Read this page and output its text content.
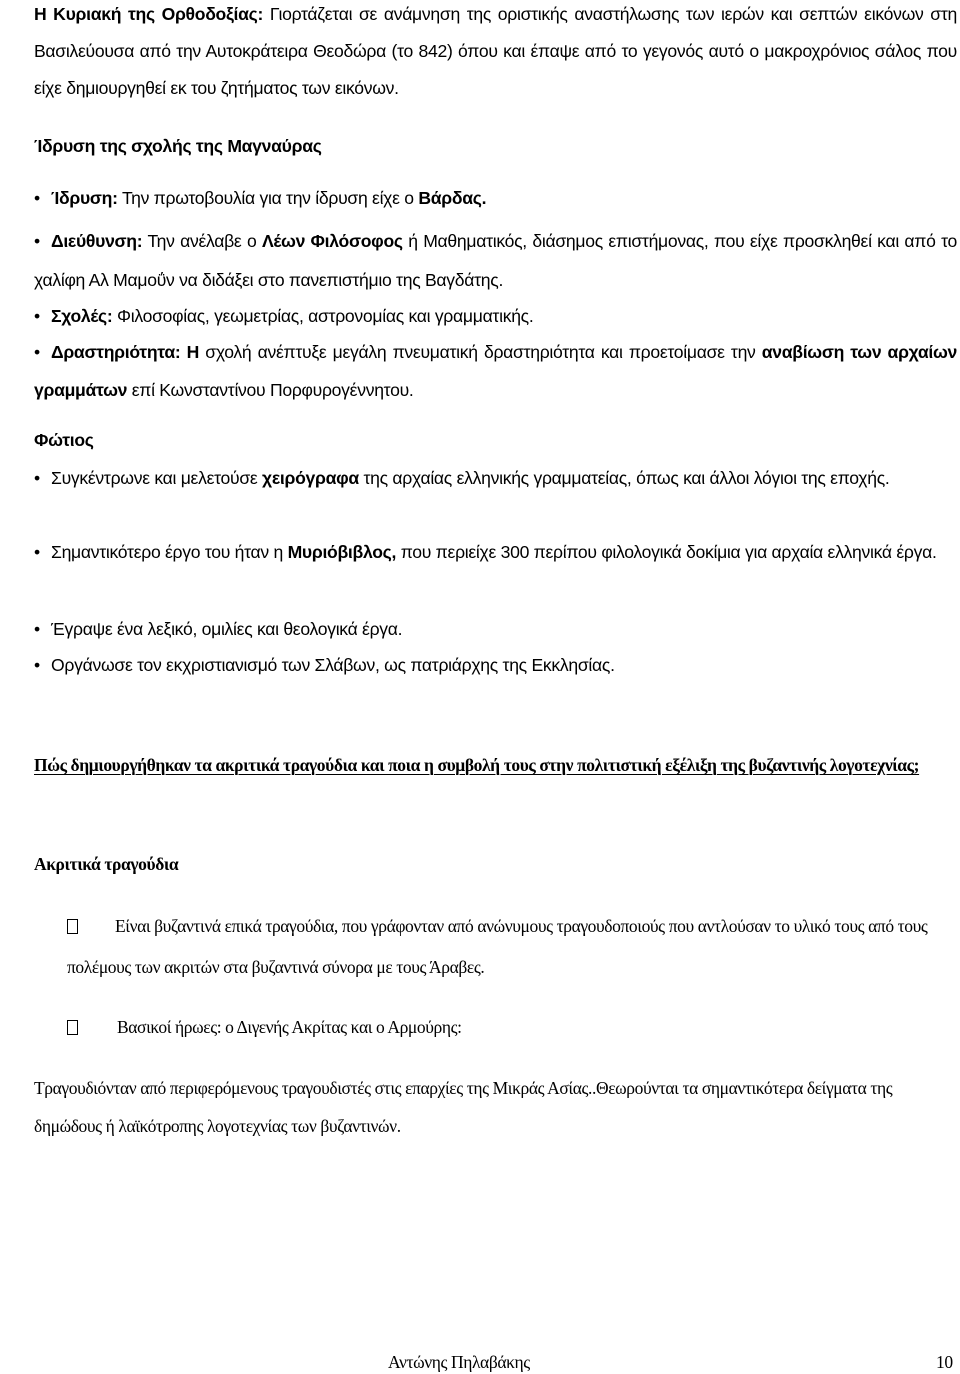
Η Κυριακή της Ορθοδοξίας: Γιορτάζεται σε ανάμνηση της οριστικής αναστήλωσης των ιερών και σεπτών εικόνων στη Βασιλεύουσα από την Αυτοκράτειρα Θεοδώρα (το 842) όπου και έπαψε από το γεγονός αυτό ο μακροχρόνιος σάλος που είχε δημιουργηθεί εκ του ζητήματος των εικόνων.

Ίδρυση της σχολής της Μαγναύρας

• Ίδρυση: Την πρωτοβουλία για την ίδρυση είχε ο Βάρδας.

• Διεύθυνση: Την ανέλαβε ο Λέων Φιλόσοφος ή Μαθηματικός, διάσημος επιστήμονας, που είχε προσκληθεί και από το χαλίφη Αλ Μαμοΰν να διδάξει στο πανεπιστήμιο της Βαγδάτης.

• Σχολές: Φιλοσοφίας, γεωμετρίας, αστρονομίας και γραμματικής.

• Δραστηριότητα: Η σχολή ανέπτυξε μεγάλη πνευματική δραστηριότητα και προετοίμασε την αναβίωση των αρχαίων γραμμάτων επί Κωνσταντίνου Πορφυρογέννητου.

Φώτιος

• Συγκέντρωνε και μελετούσε χειρόγραφα της αρχαίας ελληνικής γραμματείας, όπως και άλλοι λόγιοι της εποχής.

• Σημαντικότερο έργο του ήταν η Μυριόβιβλος, που περιείχε 300 περίπου φιλολογικά δοκίμια για αρχαία ελληνικά έργα.

• Έγραψε ένα λεξικό, ομιλίες και θεολογικά έργα.

• Οργάνωσε τον εκχριστιανισμό των Σλάβων, ως πατριάρχης της Εκκλησίας.

Πώς δημιουργήθηκαν τα ακριτικά τραγούδια και ποια η συμβολή τους στην πολιτιστική εξέλιξη της βυζαντινής λογοτεχνίας;

Ακριτικά τραγούδια

Είναι βυζαντινά επικά τραγούδια, που γράφονταν από ανώνυμους τραγουδοποιούς που αντλούσαν το υλικό τους από τους πολέμους των ακριτών στα βυζαντινά σύνορα με τους Άραβες.

Βασικοί ήρωες: ο Διγενής Ακρίτας και ο Αρμούρης:

Τραγουδιόνταν από περιφερόμενους τραγουδιστές στις επαρχίες της Μικράς Ασίας..Θεωρούνται τα σημαντικότερα δείγματα της δημώδους ή λαϊκότροπης λογοτεχνίας των βυζαντινών.

Αντώνης Πηλαβάκης	10
